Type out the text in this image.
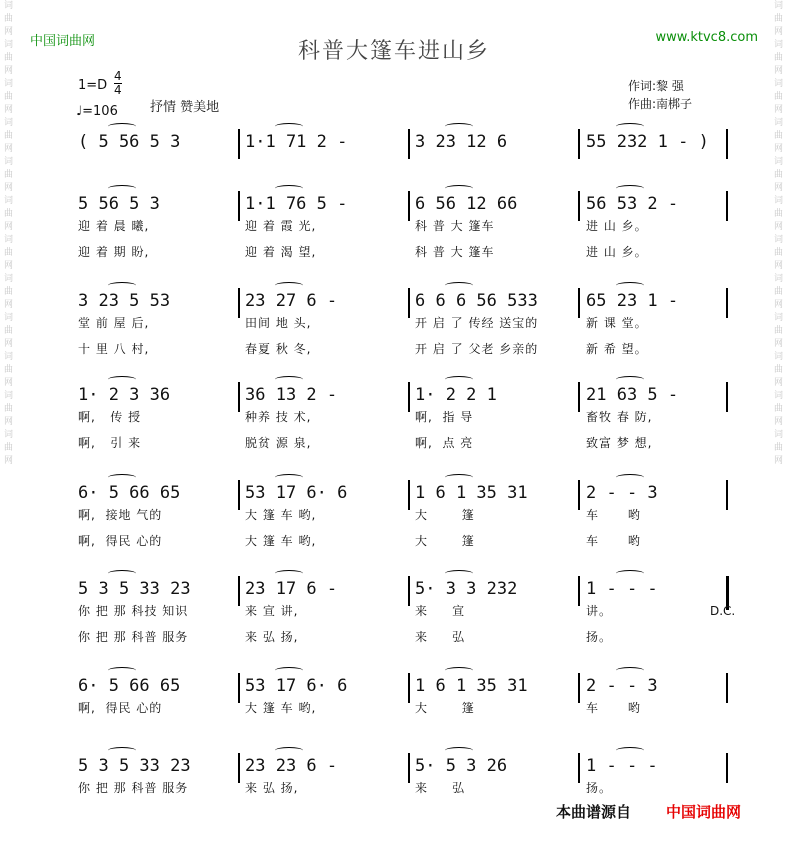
词曲网词曲网词曲网词曲网词曲网词曲网词曲网词曲网词曲网词曲网词曲网词曲网	词曲网词曲网词曲网词曲网词曲网词曲网词曲网词曲网词曲网词曲网词曲网词曲网
中国词曲网	www.ktvc8.com
科普大篷车进山乡
1=D
4
4
♩=106 抒情 赞美地
作词:黎 强
作曲:南梆子
( 5 56 5 3	1·1 71 2 -	3 23 12 6	55 232 1 - )
5 56 5 3	1·1 76 5 -	6 56 12 66	56 53 2 -
迎 着 晨 曦,	迎 着 霞 光,	科 普 大 篷车	进 山 乡。
迎 着 期 盼,	迎 着 渴 望,	科 普 大 篷车	进 山 乡。
3 23 5 53	23 27 6 -	6 6 6 56 533	65 23 1 -
堂 前 屋 后,	田间 地 头,	开 启 了 传经 送宝的	新 课 堂。
十 里 八 村,	春夏 秋 冬,	开 启 了 父老 乡亲的	新 希 望。
1· 2 3 36	36 13 2 -	1· 2 2 1	21 63 5 -
啊,   传 授	种养 技 术,	啊,  指 导	畜牧 春 防,
啊,   引 来	脱贫 源 泉,	啊,  点 亮	致富 梦 想,
6· 5 66 65	53 17 6· 6	1 6 1 35 31	2 - - 3
啊,  接地 气的	大 篷 车 哟,	大       篷	车      哟
啊,  得民 心的	大 篷 车 哟,	大       篷	车      哟
5 3 5 33 23	23 17 6 -	5· 3 3 232	1 - - -
你 把 那 科技 知识	来 宣 讲,	来     宣	讲。
你 把 那 科普 服务	来 弘 扬,	来     弘	扬。
6· 5 66 65	53 17 6· 6	1 6 1 35 31	2 - - 3
啊,  得民 心的	大 篷 车 哟,	大       篷	车      哟
5 3 5 33 23	23 23 6 -	5· 5 3 26	1 - - -
你 把 那 科普 服务	来 弘 扬,	来     弘	扬。
D.C.
本曲谱源自 中国词曲网
